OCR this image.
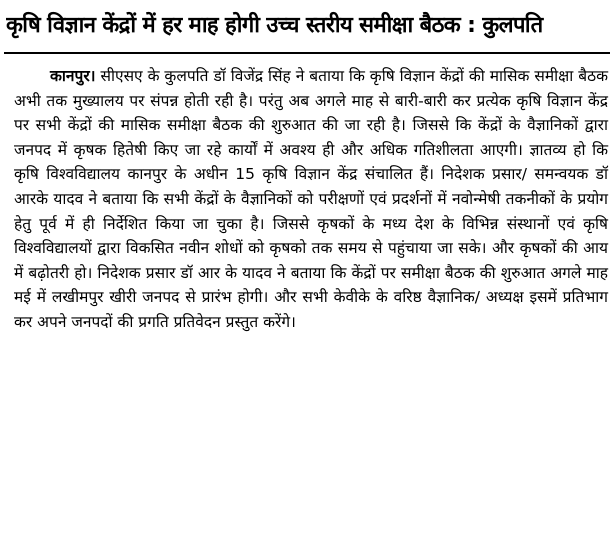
कृषि विज्ञान केंद्रों में हर माह होगी उच्च स्तरीय समीक्षा बैठक : कुलपति

कानपुर। सीएसए के कुलपति डॉ विजेंद्र सिंह ने बताया कि कृषि विज्ञान केंद्रों की मासिक समीक्षा बैठक अभी तक मुख्यालय पर संपन्न होती रही है। परंतु अब अगले माह से बारी-बारी कर प्रत्येक कृषि विज्ञान केंद्र पर सभी केंद्रों की मासिक समीक्षा बैठक की शुरुआत की जा रही है। जिससे कि केंद्रों के वैज्ञानिकों द्वारा जनपद में कृषक हितेषी किए जा रहे कार्यों में अवश्य ही और अधिक गतिशीलता आएगी। ज्ञातव्य हो कि कृषि विश्वविद्यालय कानपुर के अधीन 15 कृषि विज्ञान केंद्र संचालित हैं। निदेशक प्रसार/ समन्वयक डॉ आरके यादव ने बताया कि सभी केंद्रों के वैज्ञानिकों को परीक्षणों एवं प्रदर्शनों में नवोन्मेषी तकनीकों के प्रयोग हेतु पूर्व में ही निर्देशित किया जा चुका है। जिससे कृषकों के मध्य देश के विभिन्न संस्थानों एवं कृषि विश्वविद्यालयों द्वारा विकसित नवीन शोधों को कृषको तक समय से पहुंचाया जा सके। और कृषकों की आय में बढ़ोतरी हो। निदेशक प्रसार डॉ आर के यादव ने बताया कि केंद्रों पर समीक्षा बैठक की शुरुआत अगले माह मई में लखीमपुर खीरी जनपद से प्रारंभ होगी। और सभी केवीके के वरिष्ठ वैज्ञानिक/ अध्यक्ष इसमें प्रतिभाग कर अपने जनपदों की प्रगति प्रतिवेदन प्रस्तुत करेंगे।
